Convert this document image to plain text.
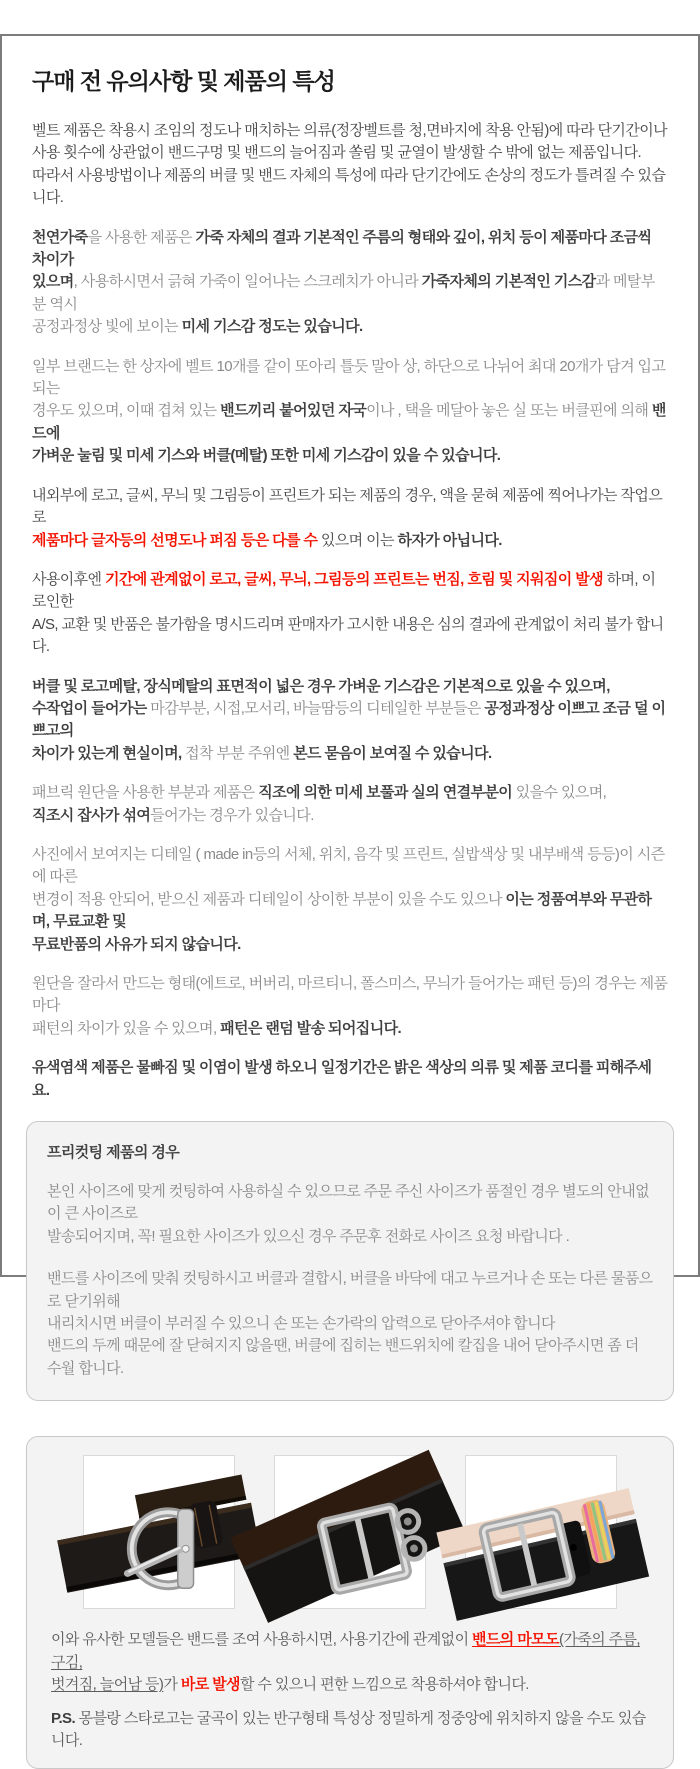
구매 전 유의사항 및 제품의 특성

벨트 제품은 착용시 조임의 정도나 매치하는 의류(정장벨트를 청,면바지에 착용 안됨)에 따라 단기간이나
사용 횟수에 상관없이 밴드구멍 및 밴드의 늘어짐과 쏠림 및 균열이 발생할 수 밖에 없는 제품입니다.
따라서 사용방법이나 제품의 버클 및 밴드 자체의 특성에 따라 단기간에도 손상의 정도가 틀려질 수 있습니다.

천연가죽을 사용한 제품은 가죽 자체의 결과 기본적인 주름의 형태와 깊이, 위치 등이 제품마다 조금씩 차이가
있으며, 사용하시면서 긁혀 가죽이 일어나는 스크레치가 아니라 가죽자체의 기본적인 기스감과 메탈부분 역시
공정과정상 빛에 보이는 미세 기스감 정도는 있습니다.

일부 브랜드는 한 상자에 벨트 10개를 같이 또아리 틀듯 말아 상, 하단으로 나뉘어 최대 20개가 담겨 입고되는
경우도 있으며, 이때 겹쳐 있는 밴드끼리 붙어있던 자국이나 , 택을 메달아 놓은 실 또는 버클핀에 의해 밴드에
가벼운 눌림 및 미세 기스와 버클(메탈) 또한 미세 기스감이 있을 수 있습니다.

내외부에 로고, 글씨, 무늬 및 그림등이 프린트가 되는 제품의 경우, 액을 묻혀 제품에 찍어나가는 작업으로
제품마다 글자등의 선명도나 퍼짐 등은 다를 수 있으며 이는 하자가 아닙니다.

사용이후엔 기간에 관계없이 로고, 글씨, 무늬, 그림등의 프린트는 번짐, 흐림 및 지워짐이 발생 하며, 이로인한
A/S, 교환 및 반품은 불가함을 명시드리며 판매자가 고시한 내용은 심의 결과에 관계없이 처리 불가 합니다.

버클 및 로고메탈, 장식메탈의 표면적이 넓은 경우 가벼운 기스감은 기본적으로 있을 수 있으며,
수작업이 들어가는 마감부분, 시접,모서리, 바늘땀등의 디테일한 부분들은 공정과정상 이쁘고 조금 덜 이쁘고의
차이가 있는게 현실이며, 접착 부분 주위엔 본드 묻음이 보여질 수 있습니다.

패브릭 원단을 사용한 부분과 제품은 직조에 의한 미세 보풀과 실의 연결부분이 있을수 있으며,
직조시 잡사가 섞여들어가는 경우가 있습니다.

사진에서 보여지는 디테일 ( made in등의 서체, 위치, 음각 및 프린트, 실밥색상 및 내부배색 등등)이 시즌에 따른
변경이 적용 안되어, 받으신 제품과 디테일이 상이한 부분이 있을 수도 있으나 이는 정품여부와 무관하며, 무료교환 및
무료반품의 사유가 되지 않습니다.

원단을 잘라서 만드는 형태(에트로, 버버리, 마르티니, 폴스미스, 무늬가 들어가는 패턴 등)의 경우는 제품마다
패턴의 차이가 있을 수 있으며, 패턴은 랜덤 발송 되어집니다.

유색염색 제품은 물빠짐 및 이염이 발생 하오니 일정기간은 밝은 색상의 의류 및 제품 코디를 피해주세요.

프리컷팅 제품의 경우

본인 사이즈에 맞게 컷팅하여 사용하실 수 있으므로 주문 주신 사이즈가 품절인 경우 별도의 안내없이 큰 사이즈로
발송되어지며, 꼭! 필요한 사이즈가 있으신 경우 주문후 전화로 사이즈 요청 바랍니다 .

밴드를 사이즈에 맞춰 컷팅하시고 버클과 결합시, 버클을 바닥에 대고 누르거나 손 또는 다른 물품으로 닫기위해
내리치시면 버클이 부러질 수 있으니 손 또는 손가락의 압력으로 닫아주셔야 합니다
밴드의 두께 때문에 잘 닫혀지지 않을땐, 버클에 집히는 밴드위치에 칼집을 내어 닫아주시면 좀 더 수월 합니다.

이와 유사한 모델들은 밴드를 조여 사용하시면, 사용기간에 관계없이 밴드의 마모도(가죽의 주름, 구김,
벗겨짐, 늘어남 등)가 바로 발생할 수 있으니 편한 느낌으로 착용하셔야 합니다.

P.S. 몽블랑 스타로고는 굴곡이 있는 반구형태 특성상 정밀하게 정중앙에 위치하지 않을 수도 있습니다.
